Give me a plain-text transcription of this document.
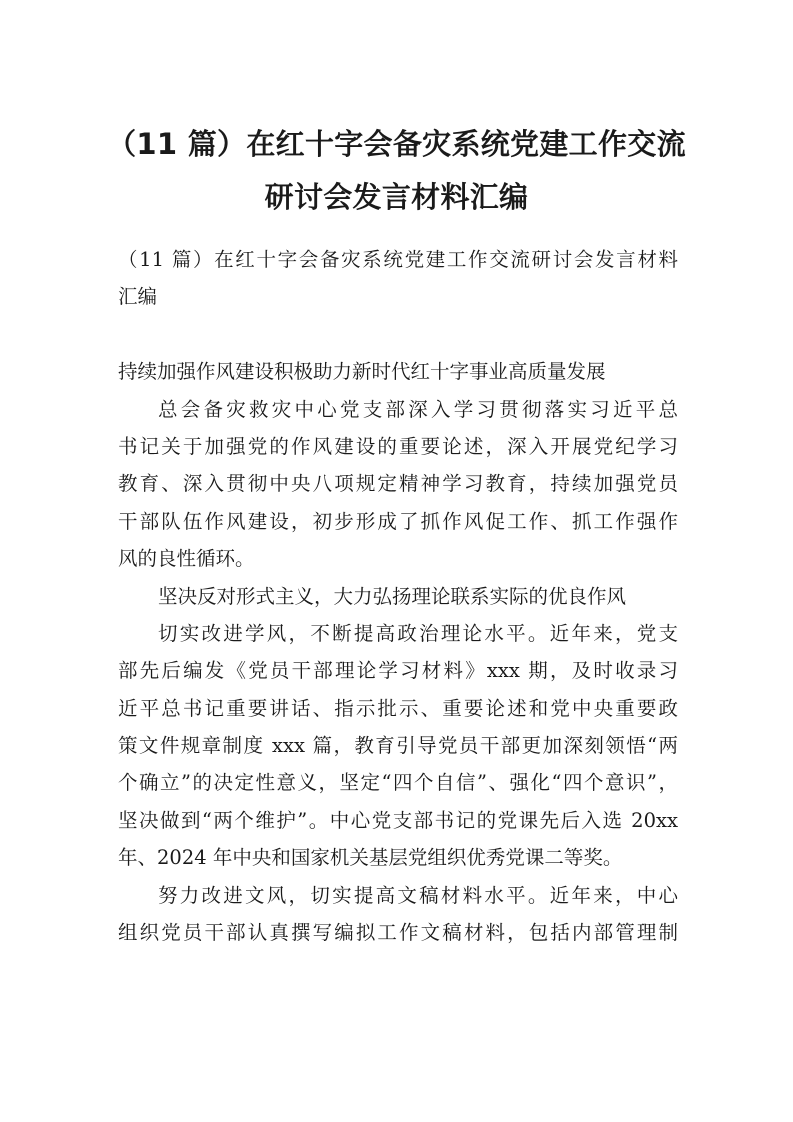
（11 篇）在红十字会备灾系统党建工作交流
研讨会发言材料汇编
（11 篇）在红十字会备灾系统党建工作交流研讨会发言材料
汇编
持续加强作风建设积极助力新时代红十字事业高质量发展
总会备灾救灾中心党支部深入学习贯彻落实习近平总
书记关于加强党的作风建设的重要论述，深入开展党纪学习
教育、深入贯彻中央八项规定精神学习教育，持续加强党员
干部队伍作风建设，初步形成了抓作风促工作、抓工作强作
风的良性循环。
坚决反对形式主义，大力弘扬理论联系实际的优良作风
切实改进学风，不断提高政治理论水平。近年来，党支
部先后编发《党员干部理论学习材料》xxx 期，及时收录习
近平总书记重要讲话、指示批示、重要论述和党中央重要政
策文件规章制度 xxx 篇，教育引导党员干部更加深刻领悟“两
个确立”的决定性意义，坚定“四个自信”、强化“四个意识”，
坚决做到“两个维护”。中心党支部书记的党课先后入选 20xx
年、2024 年中央和国家机关基层党组织优秀党课二等奖。
努力改进文风，切实提高文稿材料水平。近年来，中心
组织党员干部认真撰写编拟工作文稿材料，包括内部管理制
